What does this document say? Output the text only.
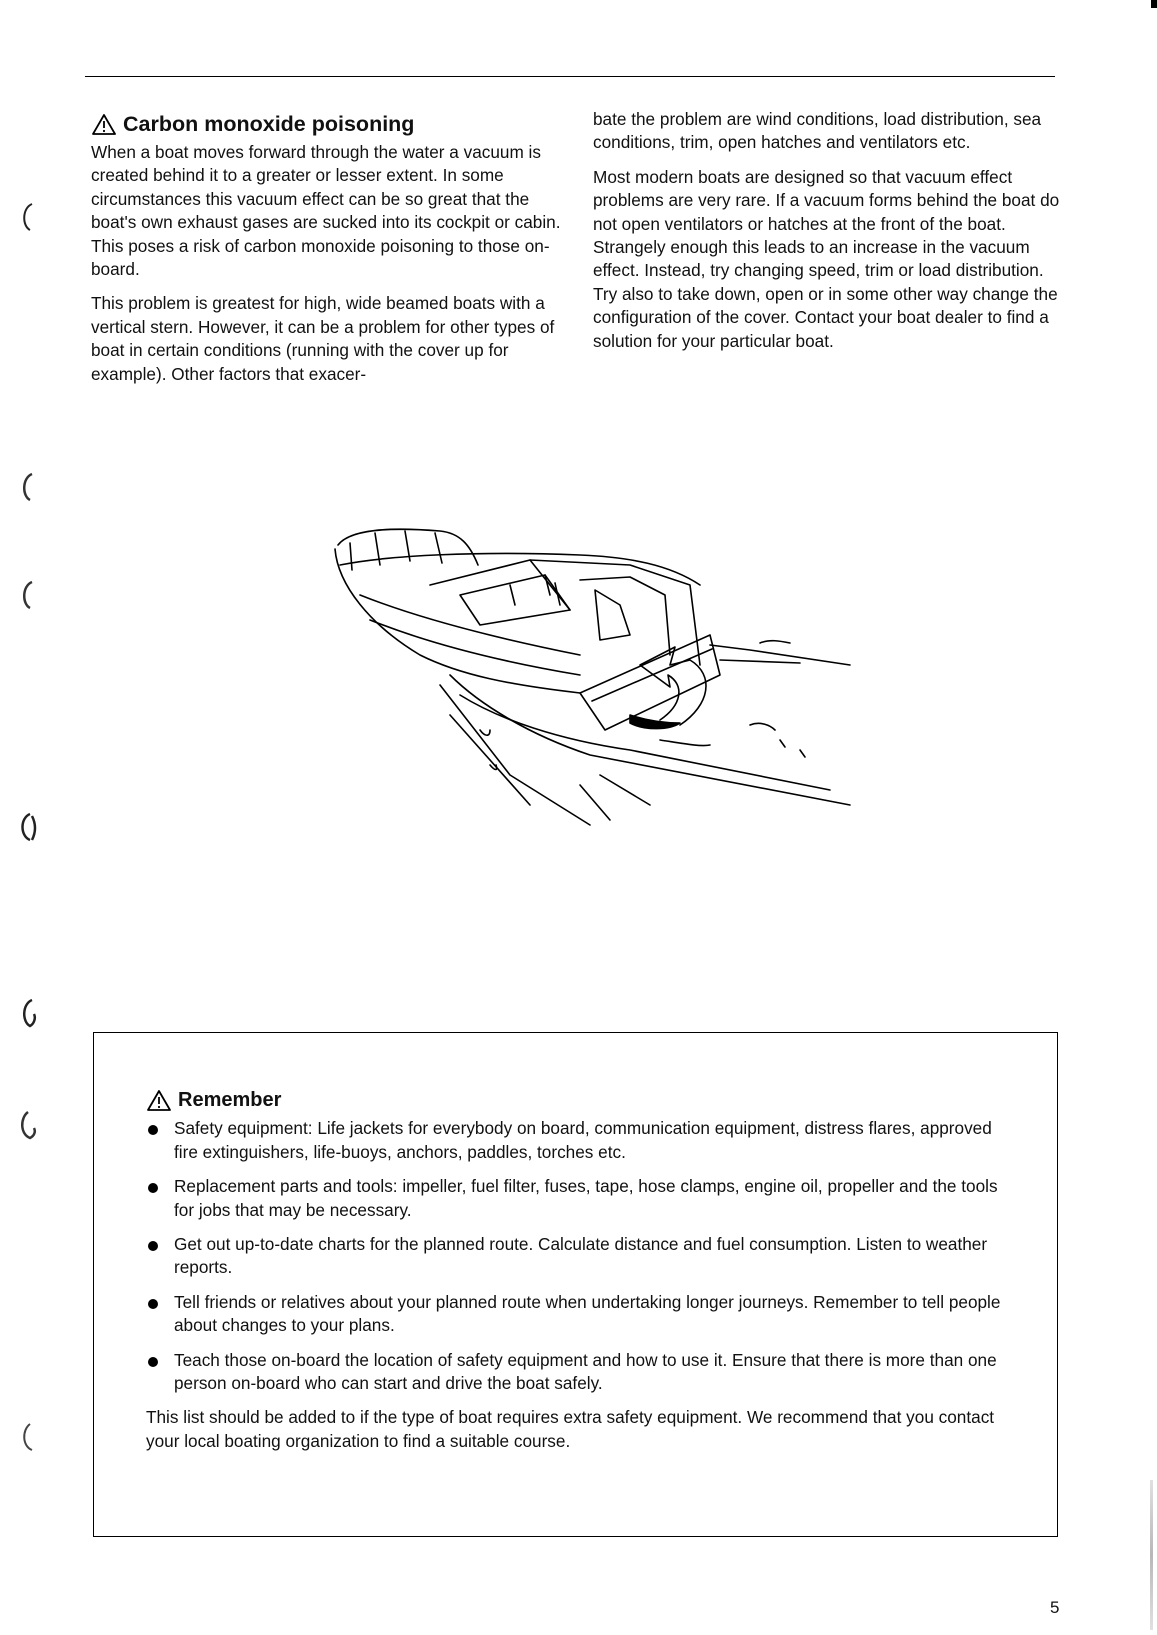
Carbon monoxide poisoning

When a boat moves forward through the water a vacuum is created behind it to a greater or lesser extent. In some circumstances this vacuum effect can be so great that the boat's own exhaust gases are sucked into its cockpit or cabin. This poses a risk of carbon monoxide poisoning to those on-board.

This problem is greatest for high, wide beamed boats with a vertical stern. However, it can be a problem for other types of boat in certain conditions (running with the cover up for example). Other factors that exacer-

bate the problem are wind conditions, load distribution, sea conditions, trim, open hatches and ventilators etc.

Most modern boats are designed so that vacuum effect problems are very rare. If a vacuum forms behind the boat do not open ventilators or hatches at the front of the boat. Strangely enough this leads to an increase in the vacuum effect. Instead, try changing speed, trim or load distribution. Try also to take down, open or in some other way change the configuration of the cover. Contact your boat dealer to find a solution for your particular boat.

Remember
Safety equipment: Life jackets for everybody on board, communication equipment, distress flares, approved fire extinguishers, life-buoys, anchors, paddles, torches etc.
Replacement parts and tools: impeller, fuel filter, fuses, tape, hose clamps, engine oil, propeller and the tools for jobs that may be necessary.
Get out up-to-date charts for the planned route. Calculate distance and fuel consumption. Listen to weather reports.
Tell friends or relatives about your planned route when undertaking longer journeys. Remember to tell people about changes to your plans.
Teach those on-board the location of safety equipment and how to use it. Ensure that there is more than one person on-board who can start and drive the boat safely.

This list should be added to if the type of boat requires extra safety equipment. We recommend that you contact your local boating organization to find a suitable course.

5
